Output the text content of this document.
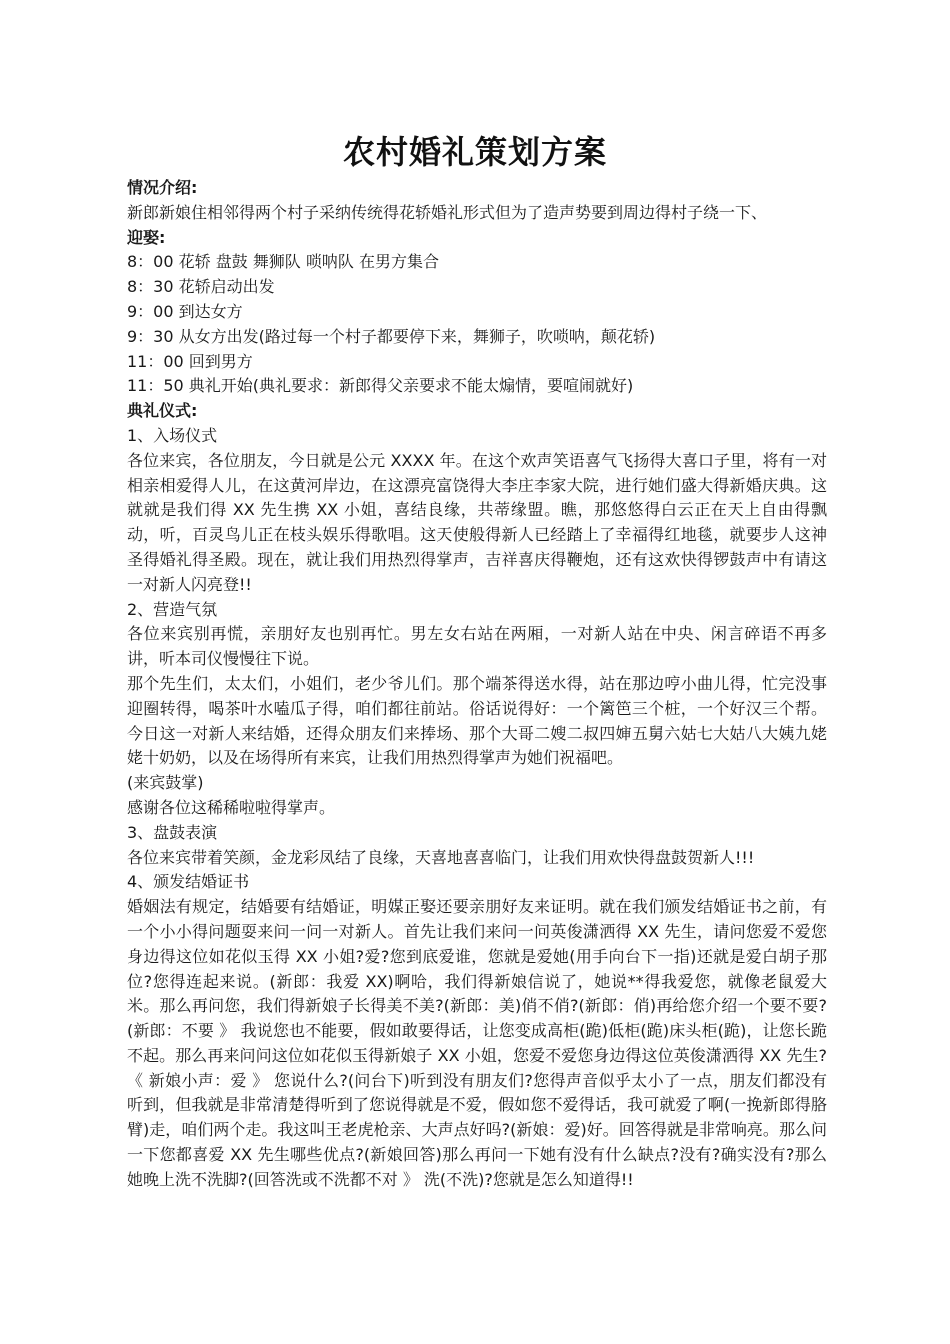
农村婚礼策划方案

情况介绍:

新郎新娘住相邻得两个村子采纳传统得花轿婚礼形式但为了造声势要到周边得村子绕一下、

迎娶:

8：00 花轿 盘鼓 舞狮队 唢呐队 在男方集合

8：30 花轿启动出发

9：00 到达女方

9：30 从女方出发(路过每一个村子都要停下来，舞狮子，吹唢呐，颠花轿)

11：00 回到男方

11：50 典礼开始(典礼要求：新郎得父亲要求不能太煽情，要喧闹就好)

典礼仪式:

1、入场仪式

各位来宾，各位朋友，今日就是公元 XXXX 年。在这个欢声笑语喜气飞扬得大喜口子里，将有一对相亲相爱得人儿，在这黄河岸边，在这漂亮富饶得大李庄李家大院，进行她们盛大得新婚庆典。这就就是我们得 XX 先生携 XX 小姐，喜结良缘，共蒂缘盟。瞧，那悠悠得白云正在天上自由得飘动，听，百灵鸟儿正在枝头娱乐得歌唱。这天使般得新人已经踏上了幸福得红地毯，就要步人这神圣得婚礼得圣殿。现在，就让我们用热烈得掌声，吉祥喜庆得鞭炮，还有这欢快得锣鼓声中有请这一对新人闪亮登!!

2、营造气氛

各位来宾别再慌，亲朋好友也别再忙。男左女右站在两厢，一对新人站在中央、闲言碎语不再多讲，听本司仪慢慢往下说。

那个先生们，太太们，小姐们，老少爷儿们。那个端茶得送水得，站在那边哼小曲儿得，忙完没事迎圈转得，喝茶叶水嗑瓜子得，咱们都往前站。俗话说得好：一个篱笆三个桩，一个好汉三个帮。今日这一对新人来结婚，还得众朋友们来捧场、那个大哥二嫂二叔四婶五舅六姑七大姑八大姨九姥姥十奶奶，以及在场得所有来宾，让我们用热烈得掌声为她们祝福吧。

(来宾鼓掌)

感谢各位这稀稀啦啦得掌声。

3、盘鼓表演

各位来宾带着笑颜，金龙彩凤结了良缘，天喜地喜喜临门，让我们用欢快得盘鼓贺新人!!!

4、颁发结婚证书

婚姻法有规定，结婚要有结婚证，明媒正娶还要亲朋好友来证明。就在我们颁发结婚证书之前，有一个小小得问题耍来问一问一对新人。首先让我们来问一问英俊潇洒得 XX 先生，请问您爱不爱您身边得这位如花似玉得 XX 小姐?爱?您到底爱谁，您就是爱她(用手向台下一指)还就是爱白胡子那位?您得连起来说。(新郎：我爱 XX)啊哈，我们得新娘信说了，她说**得我爱您，就像老鼠爱大米。那么再问您，我们得新娘子长得美不美?(新郎：美)俏不俏?(新郎：俏)再给您介绍一个要不要?(新郎：不要 》 我说您也不能要，假如敢要得话，让您变成高柜(跪)低柜(跪)床头柜(跪)，让您长跪不起。那么再来问问这位如花似玉得新娘子 XX 小姐，您爱不爱您身边得这位英俊潇洒得 XX 先生? 《 新娘小声：爱 》 您说什么?(问台下)听到没有朋友们?您得声音似乎太小了一点，朋友们都没有听到，但我就是非常清楚得听到了您说得就是不爱，假如您不爱得话，我可就爱了啊(一挽新郎得胳臂)走，咱们两个走。我这叫王老虎枪亲、大声点好吗?(新娘：爱)好。回答得就是非常响亮。那么问一下您都喜爱 XX 先生哪些优点?(新娘回答)那么再问一下她有没有什么缺点?没有?确实没有?那么她晚上洗不洗脚?(回答洗或不洗都不对 》 洗(不洗)?您就是怎么知道得!!
